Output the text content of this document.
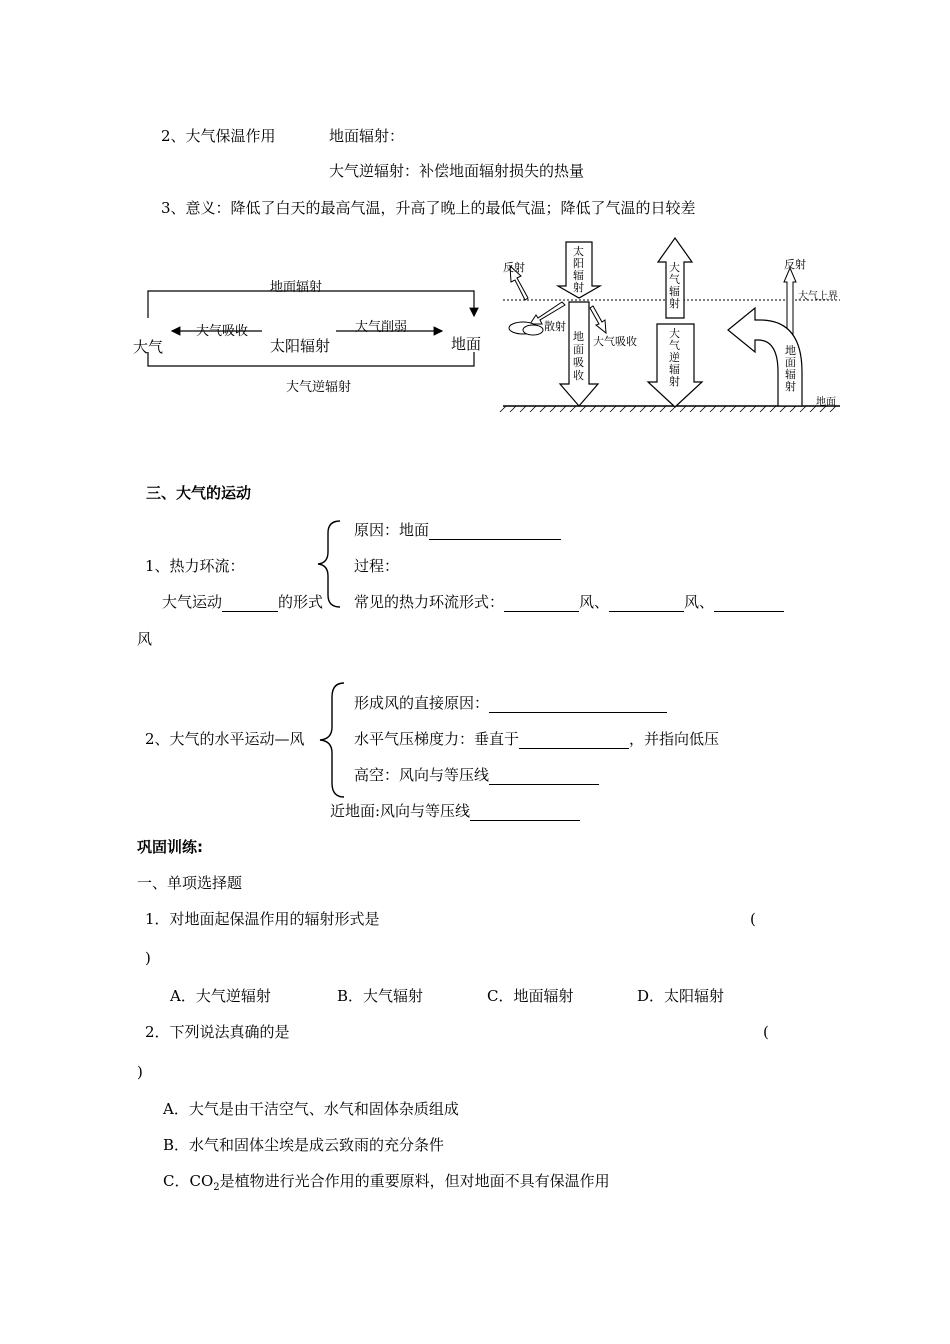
2、大气保温作用	地面辐射：
大气逆辐射：补偿地面辐射损失的热量
3、意义：降低了白天的最高气温，升高了晚上的最低气温；降低了气温的日较差
地面辐射
大气吸收	大气削弱
大气	太阳辐射	地面
大气逆辐射
反射
太
阳
辐
射
大
气
辐
射
反射
大气上界
散射
大气吸收
地
面
吸
收
大
气
逆
辐
射
地
面
辐
射
地面
三、大气的运动
原因：地面
1、热力环流：	过程：
大气运动	的形式 常见的热力环流形式：	风、	风、
风
形成风的直接原因：
2、大气的水平运动—风	水平气压梯度力：垂直于	，并指向低压
高空：风向与等压线
近地面:风向与等压线
巩固训练:
一、单项选择题
1．对地面起保温作用的辐射形式是	(
)
A．大气逆辐射	B．大气辐射	C．地面辐射	D．太阳辐射
2．下列说法真确的是	(
)
A．大气是由干洁空气、水气和固体杂质组成
B．水气和固体尘埃是成云致雨的充分条件
C．$CO_2$是植物进行光合作用的重要原料，但对地面不具有保温作用
